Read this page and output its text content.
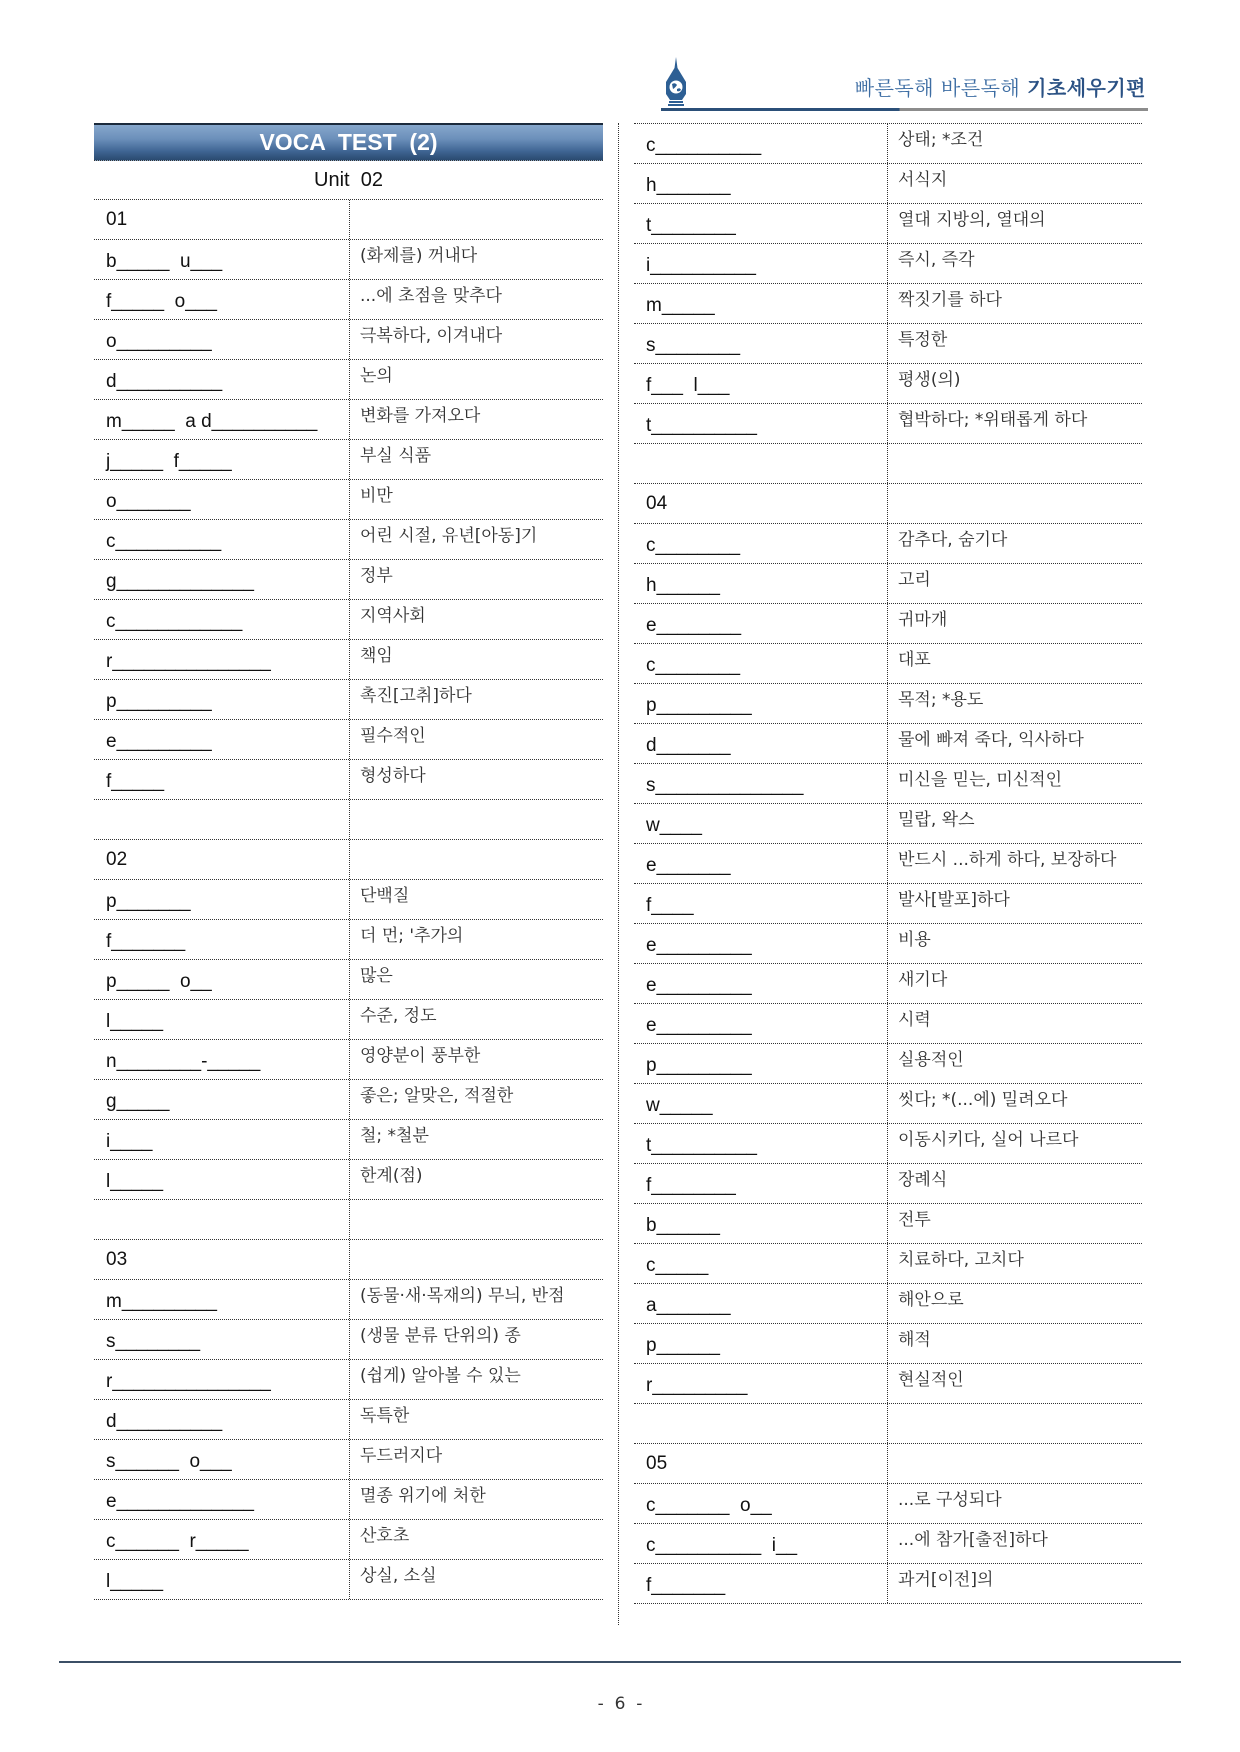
빠른독해 바른독해 기초세우기편
VOCA  TEST  (2)
Unit  02
01
b_____  u___	(화제를) 꺼내다
f_____  o___	...에 초점을 맞추다
o_________	극복하다, 이겨내다
d__________	논의
m_____  a d__________	변화를 가져오다
j_____  f_____	부실 식품
o_______	비만
c__________	어린 시절, 유년[아동]기
g_____________	정부
c____________	지역사회
r_______________	책임
p_________	촉진[고취]하다
e_________	필수적인
f_____	형성하다
02
p_______	단백질
f_______	더 먼; '추가의
p_____  o__	많은
l_____	수준, 정도
n________-_____	영양분이 풍부한
g_____	좋은; 알맞은, 적절한
i____	철; *철분
l_____	한계(점)
03
m_________	(동물·새·목재의) 무늬, 반점
s________	(생물 분류 단위의) 종
r_______________	(쉽게) 알아볼 수 있는
d__________	독특한
s______  o___	두드러지다
e_____________	멸종 위기에 처한
c______  r_____	산호초
l_____	상실, 소실
c__________	상태; *조건
h_______	서식지
t________	열대 지방의, 열대의
i__________	즉시, 즉각
m_____	짝짓기를 하다
s________	특정한
f___  l___	평생(의)
t__________	협박하다; *위태롭게 하다
04
c________	감추다, 숨기다
h______	고리
e________	귀마개
c________	대포
p_________	목적; *용도
d_______	물에 빠져 죽다, 익사하다
s______________	미신을 믿는, 미신적인
w____	밀랍, 왁스
e_______	반드시 ...하게 하다, 보장하다
f____	발사[발포]하다
e_________	비용
e_________	새기다
e_________	시력
p_________	실용적인
w_____	씻다; *(...에) 밀려오다
t__________	이동시키다, 실어 나르다
f________	장례식
b______	전투
c_____	치료하다, 고치다
a_______	해안으로
p______	해적
r_________	현실적인
05
c_______  o__	...로 구성되다
c__________  i__	...에 참가[출전]하다
f_______	과거[이전]의
-  6  -
